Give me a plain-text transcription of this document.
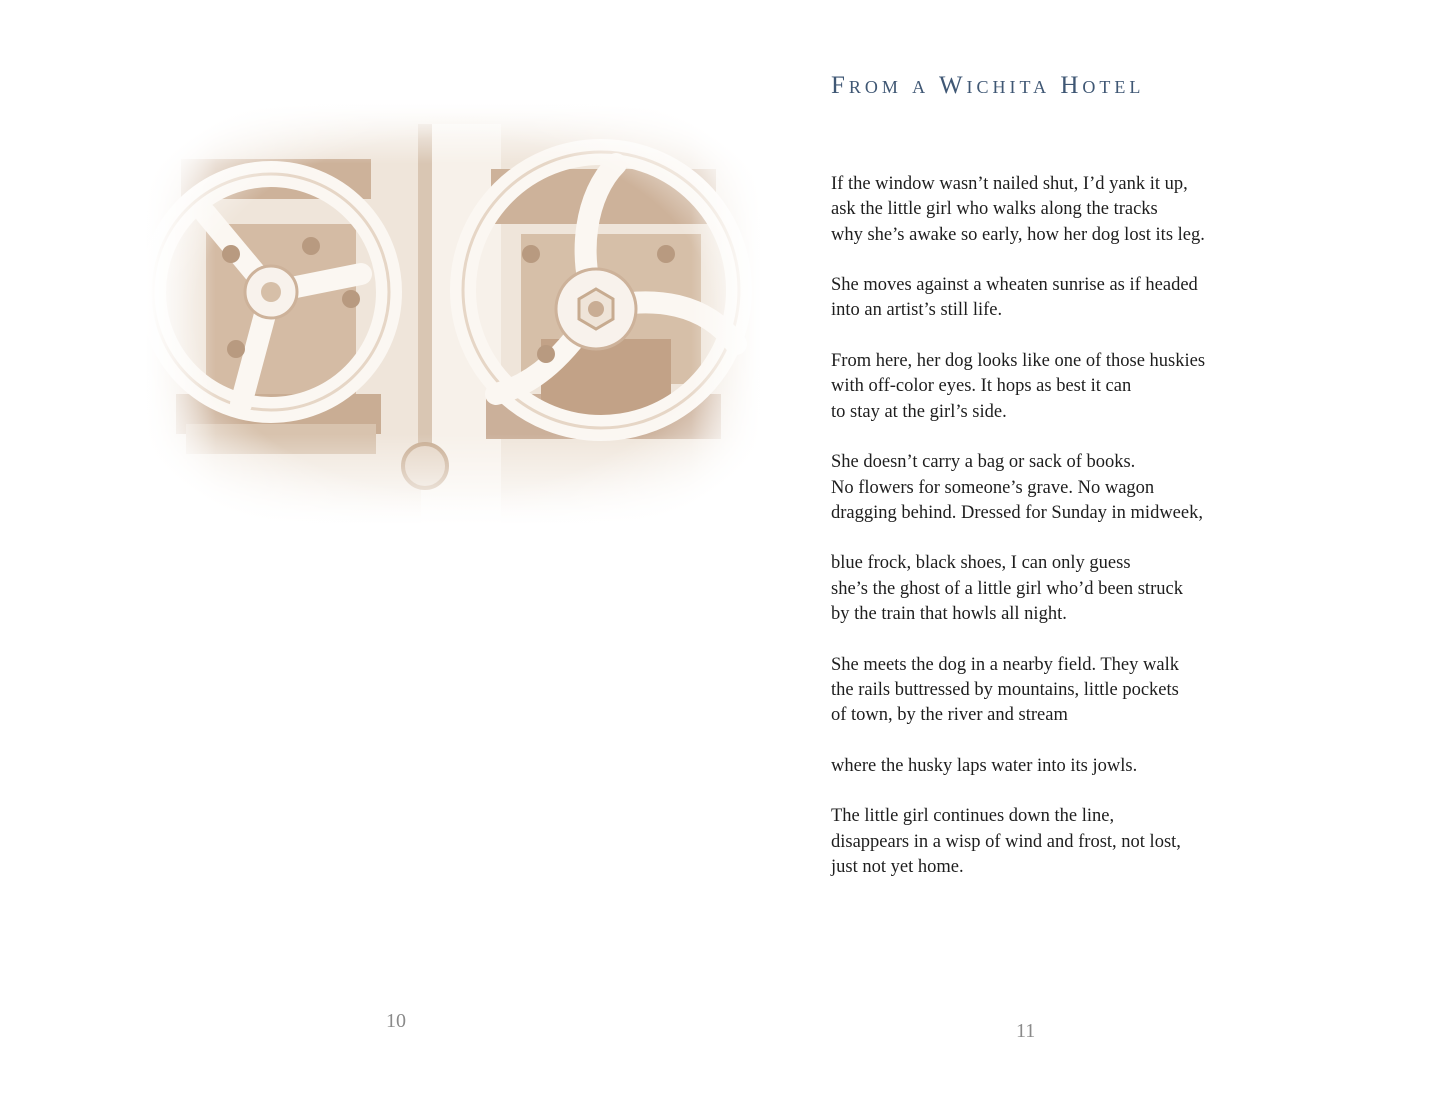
10
From a Wichita Hotel
If the window wasn’t nailed shut, I’d yank it up,
ask the little girl who walks along the tracks
why she’s awake so early, how her dog lost its leg.
She moves against a wheaten sunrise as if headed
into an artist’s still life.
From here, her dog looks like one of those huskies
with off-color eyes. It hops as best it can
to stay at the girl’s side.
She doesn’t carry a bag or sack of books.
No flowers for someone’s grave. No wagon
dragging behind. Dressed for Sunday in midweek,
blue frock, black shoes, I can only guess
she’s the ghost of a little girl who’d been struck
by the train that howls all night.
She meets the dog in a nearby field. They walk
the rails buttressed by mountains, little pockets
of town, by the river and stream
where the husky laps water into its jowls.
The little girl continues down the line,
disappears in a wisp of wind and frost, not lost,
just not yet home.
11
